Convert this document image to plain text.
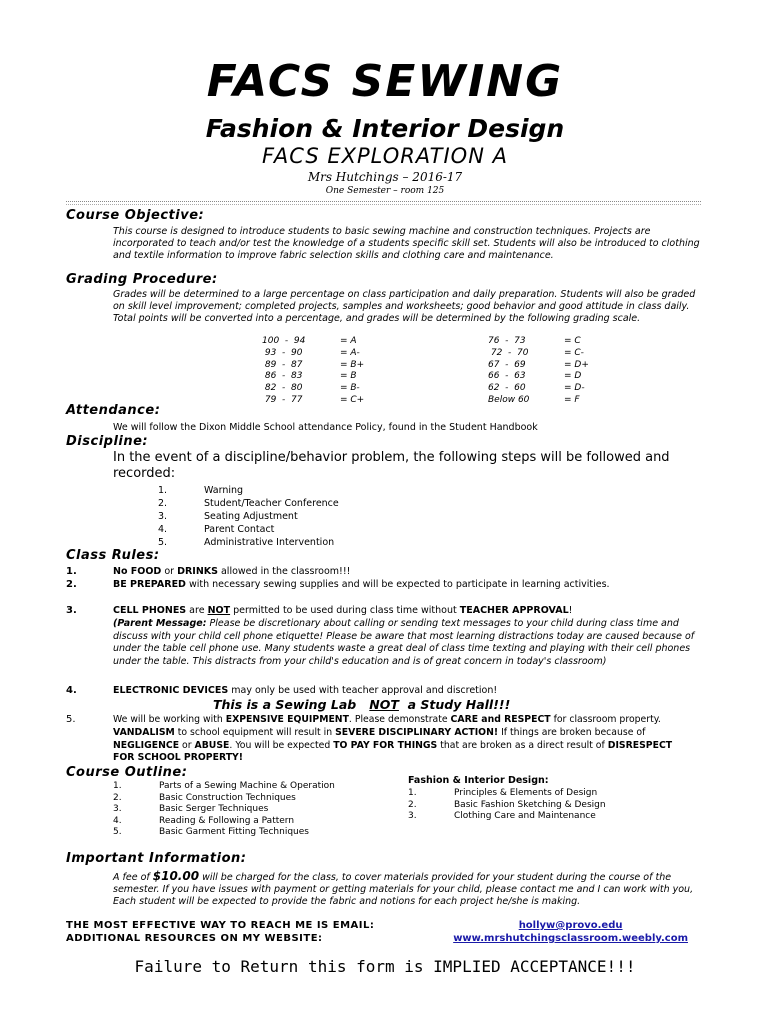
FACS SEWING
Fashion & Interior Design
FACS EXPLORATION A
Mrs Hutchings – 2016-17
One Semester – room 125
Course Objective:
This course is designed to introduce students to basic sewing machine and construction techniques. Projects are incorporated to teach and/or test the knowledge of a students specific skill set. Students will also be introduced to clothing and textile information to improve fabric selection skills and clothing care and maintenance.
Grading Procedure:
Grades will be determined to a large percentage on class participation and daily preparation. Students will also be graded on skill level improvement; completed projects, samples and worksheets; good behavior and good attitude in class daily. Total points will be converted into a percentage, and grades will be determined by the following grading scale.
100  -  94	= A
93  -  90	= A-
89  -  87	= B+
86  -  83	= B
82  -  80	= B-
79  -  77	= C+
76  -  73	= C
72  -  70	= C-
67  -  69	= D+
66  -  63	= D
62  -  60	= D-
Below 60	= F
Attendance:
We will follow the Dixon Middle School attendance Policy, found in the Student Handbook
Discipline:
In the event of a discipline/behavior problem, the following steps will be followed and recorded:
1.	Warning
2.	Student/Teacher Conference
3.	Seating Adjustment
4.	Parent Contact
5.	Administrative Intervention
Class Rules:
1.	No FOOD or DRINKS allowed in the classroom!!!
2.	BE PREPARED with necessary sewing supplies and will be expected to participate in learning activities.
3.	CELL PHONES are NOT permitted to be used during class time without TEACHER APPROVAL!
(Parent Message: Please be discretionary about calling or sending text messages to your child during class time and discuss with your child cell phone etiquette! Please be aware that most learning distractions today are caused because of under the table cell phone use. Many students waste a great deal of class time texting and playing with their cell phones under the table. This distracts from your child's education and is of great concern in today's classroom)
4.	ELECTRONIC DEVICES may only be used with teacher approval and discretion!
This is a Sewing Lab NOT a Study Hall!!!
5.	We will be working with EXPENSIVE EQUIPMENT. Please demonstrate CARE and RESPECT for classroom property. VANDALISM to school equipment will result in SEVERE DISCIPLINARY ACTION! If things are broken because of NEGLIGENCE or ABUSE. You will be expected TO PAY FOR THINGS that are broken as a direct result of DISRESPECT FOR SCHOOL PROPERTY!
Course Outline:
1.	Parts of a Sewing Machine & Operation
2.	Basic Construction Techniques
3.	Basic Serger Techniques
4.	Reading & Following a Pattern
5.	Basic Garment Fitting Techniques
Fashion & Interior Design:
1.	Principles & Elements of Design
2.	Basic Fashion Sketching & Design
3.	Clothing Care and Maintenance
Important Information:
A fee of $10.00 will be charged for the class, to cover materials provided for your student during the course of the semester. If you have issues with payment or getting materials for your child, please contact me and I can work with you, Each student will be expected to provide the fabric and notions for each project he/she is making.
THE MOST EFFECTIVE WAY TO REACH ME IS EMAIL:
ADDITIONAL RESOURCES ON MY WEBSITE:
hollyw@provo.edu
www.mrshutchingsclassroom.weebly.com
Failure to Return this form is IMPLIED ACCEPTANCE!!!
